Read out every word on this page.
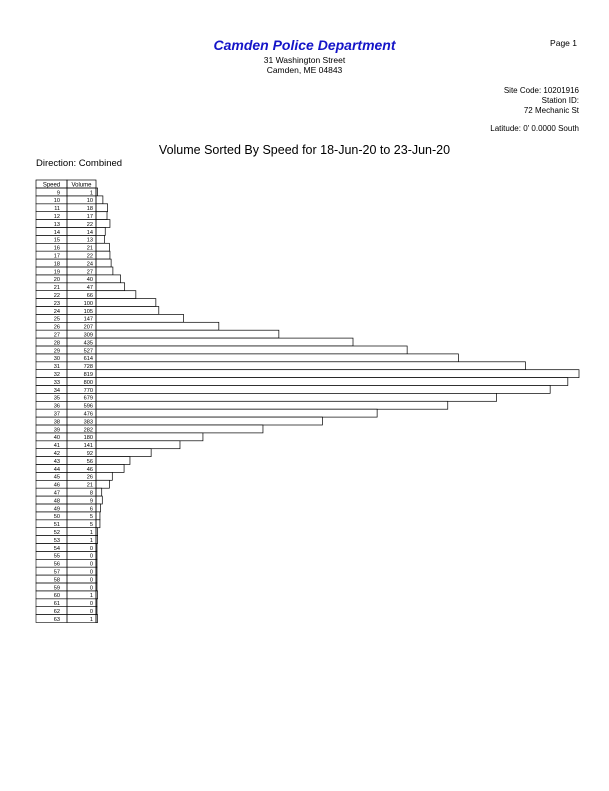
Camden Police Department
31 Washington Street
Camden, ME 04843
Page 1
Site Code: 10201916
Station ID:
72 Mechanic St
Latitude: 0' 0.0000 South
Volume Sorted By Speed for 18-Jun-20 to 23-Jun-20
Direction: Combined
Speed Volume
9	1
10	10
11	18
12	17
13	22
14	14
15	13
16	21
17	22
18	24
19	27
20	40
21	47
22	66
23	100
24	105
25	147
26	207
27	309
28	435
29	527
30	614
31	728
32	819
33	800
34	770
35	679
36	596
37	476
38	383
39	282
40	180
41	141
42	92
43	56
44	46
45	26
46	21
47	8
48	9
49	6
50	5
51	5
52	1
53	1
54	0
55	0
56	0
57	0
58	0
59	0
60	1
61	0
62	0
63	1
